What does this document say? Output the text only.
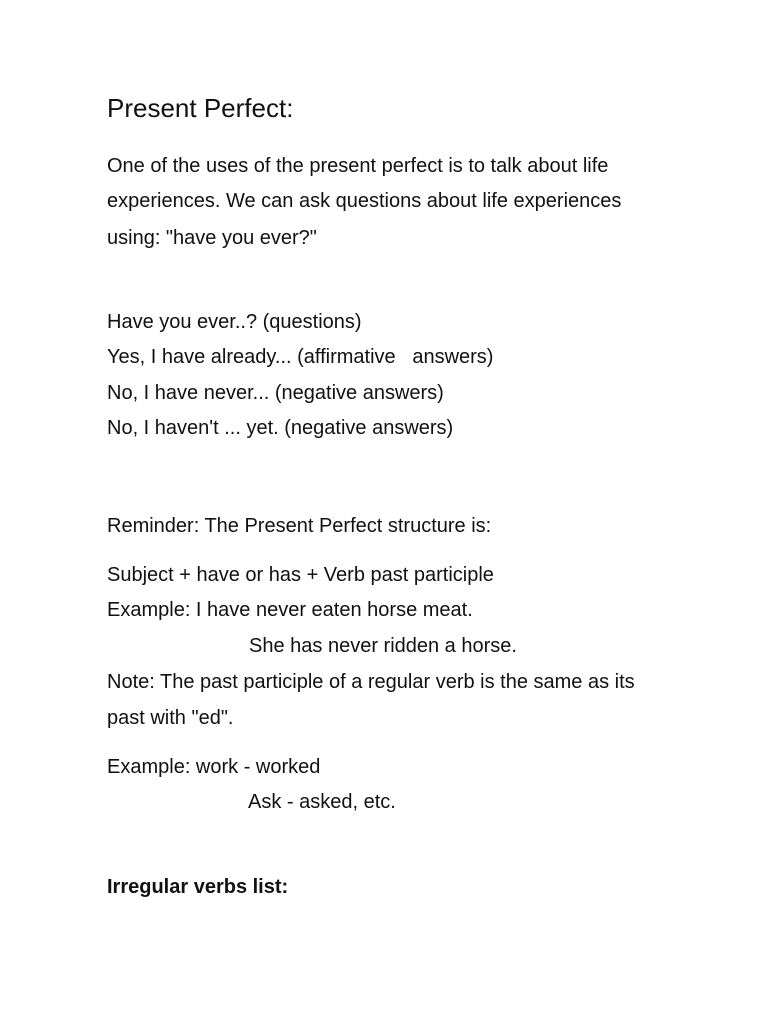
Present Perfect:
One of the uses of the present perfect is to talk about life
experiences. We can ask questions about life experiences
using: "have you ever?"
Have you ever..? (questions)
Yes, I have already... (affirmative   answers)
No, I have never... (negative answers)
No, I haven't ... yet. (negative answers)
Reminder: The Present Perfect structure is:
Subject + have or has + Verb past participle
Example: I have never eaten horse meat.
She has never ridden a horse.
Note: The past participle of a regular verb is the same as its
past with "ed".
Example: work - worked
Ask - asked, etc.
Irregular verbs list:
